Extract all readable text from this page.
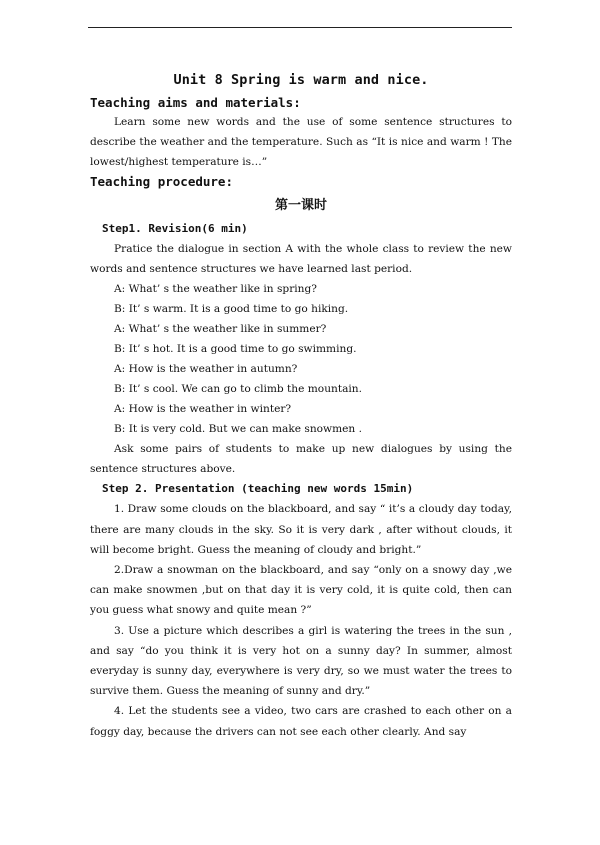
Unit 8 Spring is warm and nice.
Teaching aims and materials:

Learn some new words and the use of some sentence structures to describe the weather and the temperature. Such as “It is nice and warm ! The lowest/highest temperature is…”

Teaching procedure:
第一课时
Step1. Revision(6 min)

Pratice the dialogue in section A with the whole class to review the new words and sentence structures we have learned last period.

A: What’ s the weather like in spring?

B: It’ s warm. It is a good time to go hiking.

A: What’ s the weather like in summer?

B: It’ s hot. It is a good time to go swimming.

A: How is the weather in autumn?

B: It’ s cool. We can go to climb the mountain.

A: How is the weather in winter?

B: It is very cold. But we can make snowmen .

Ask some pairs of students to make up new dialogues by using the sentence structures above.

Step 2. Presentation (teaching new words 15min)

1. Draw some clouds on the blackboard, and say “ it’s a cloudy day today, there are many clouds in the sky. So it is very dark , after without clouds, it will become bright. Guess the meaning of cloudy and bright.”

2.Draw a snowman on the blackboard, and say “only on a snowy day ,we can make snowmen ,but on that day it is very cold, it is quite cold, then can you guess what snowy and quite mean ?”

3. Use a picture which describes a girl is watering the trees in the sun , and say “do you think it is very hot on a sunny day? In summer, almost everyday is sunny day, everywhere is very dry, so we must water the trees to survive them. Guess the meaning of sunny and dry.”

4. Let the students see a video, two cars are crashed to each other on a foggy day, because the drivers can not see each other clearly. And say
